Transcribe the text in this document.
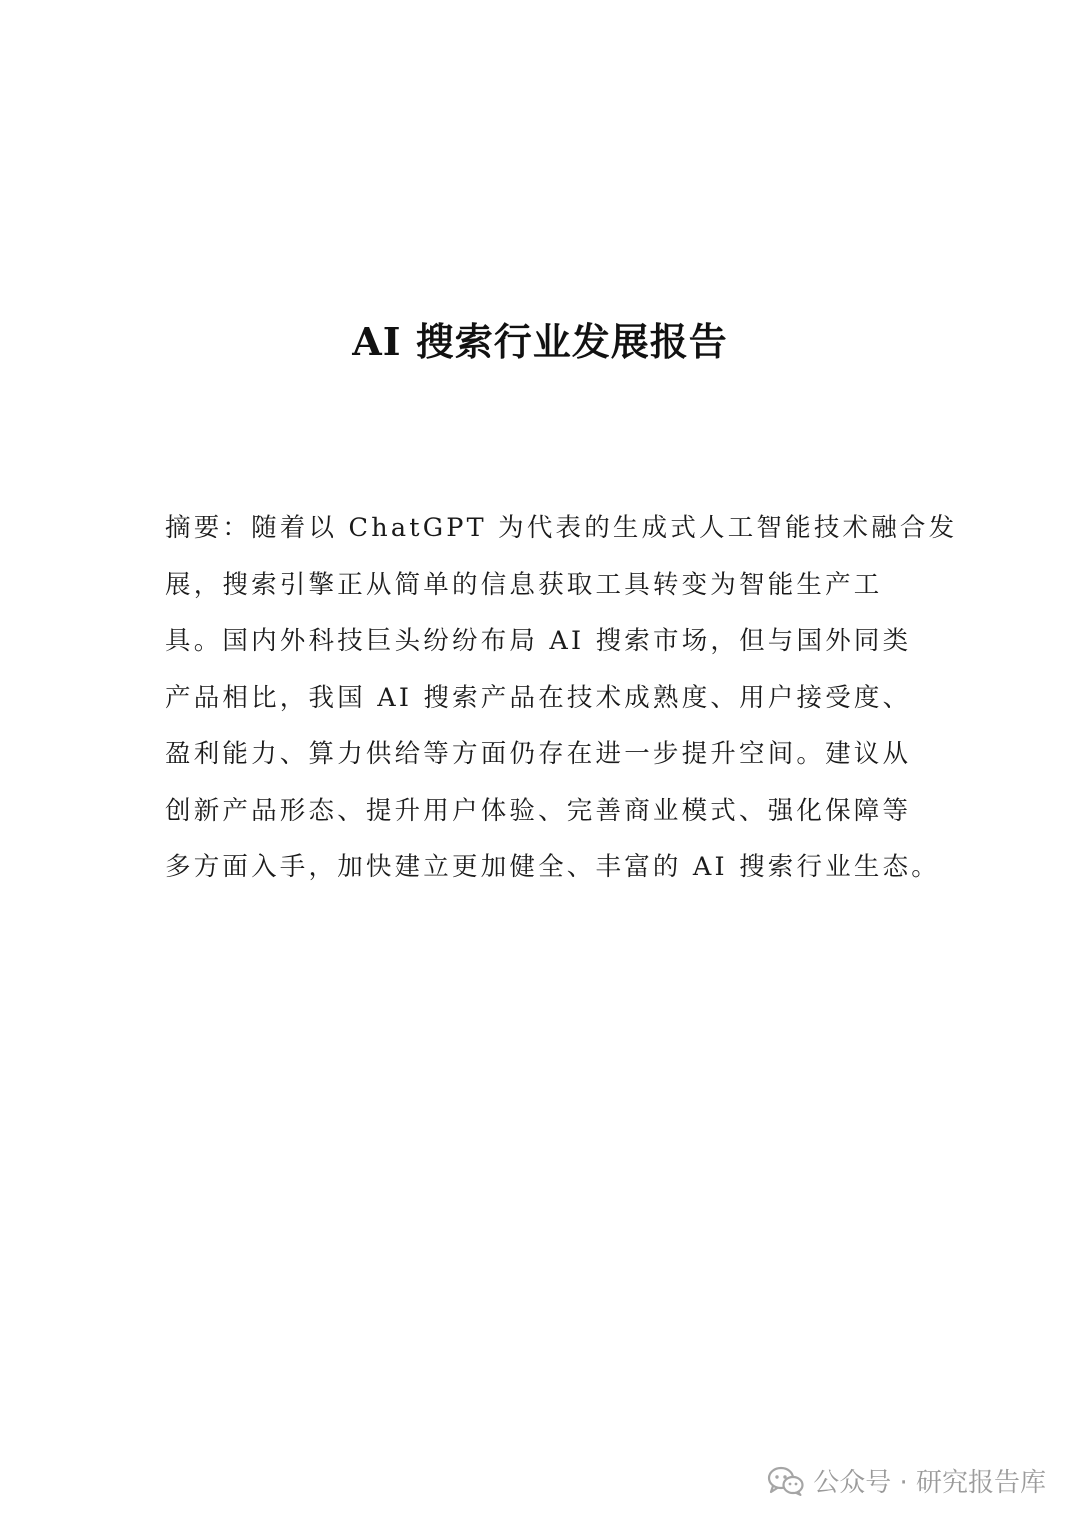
AI 搜索行业发展报告

摘要：随着以 ChatGPT 为代表的生成式人工智能技术融合发
展，搜索引擎正从简单的信息获取工具转变为智能生产工
具。国内外科技巨头纷纷布局 AI 搜索市场，但与国外同类
产品相比，我国 AI 搜索产品在技术成熟度、用户接受度、
盈利能力、算力供给等方面仍存在进一步提升空间。建议从
创新产品形态、提升用户体验、完善商业模式、强化保障等
多方面入手，加快建立更加健全、丰富的 AI 搜索行业生态。

公众号 · 研究报告库
